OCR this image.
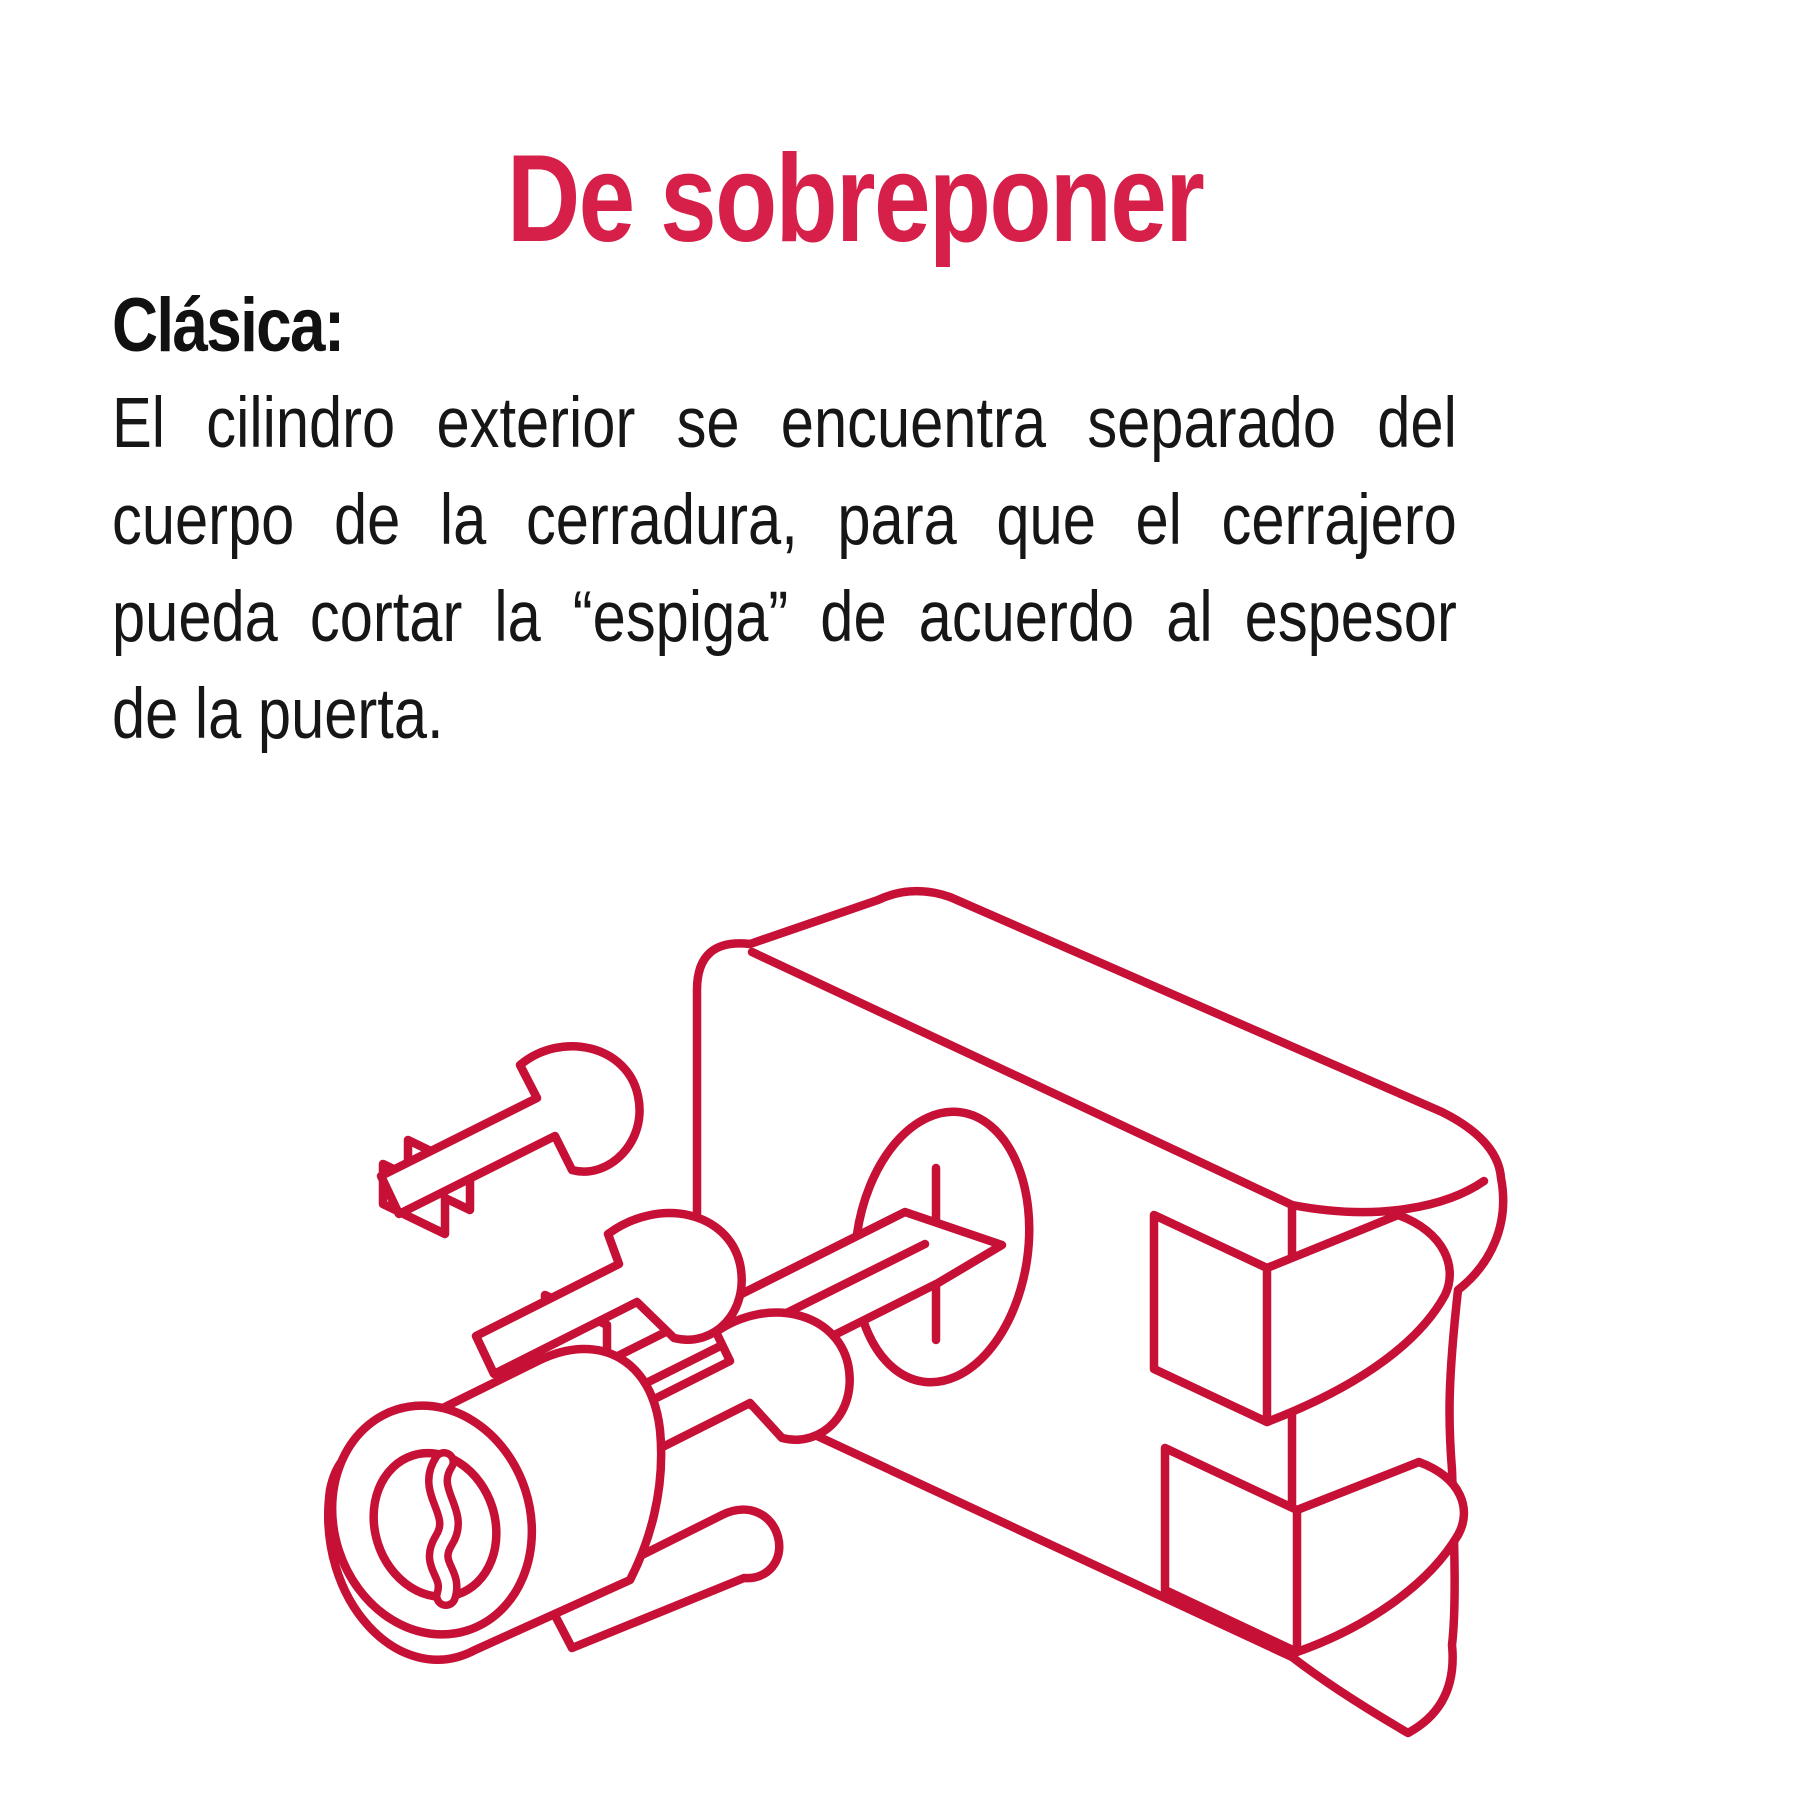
De sobreponer
Clásica:
El cilindro exterior se encuentra separado del
cuerpo de la cerradura, para que el cerrajero
pueda cortar la “espiga” de acuerdo al espesor
de la puerta.
